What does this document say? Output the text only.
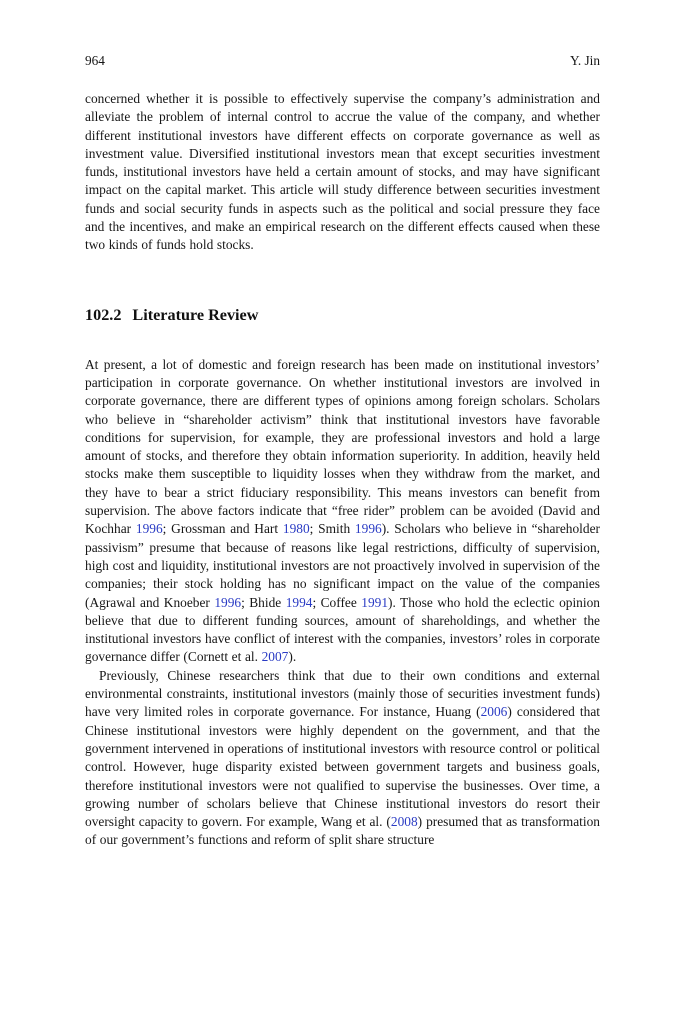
964	Y. Jin

concerned whether it is possible to effectively supervise the company’s administration and alleviate the problem of internal control to accrue the value of the company, and whether different institutional investors have different effects on corporate governance as well as investment value. Diversified institutional investors mean that except securities investment funds, institutional investors have held a certain amount of stocks, and may have significant impact on the capital market. This article will study difference between securities investment funds and social security funds in aspects such as the political and social pressure they face and the incentives, and make an empirical research on the different effects caused when these two kinds of funds hold stocks.

102.2 Literature Review

At present, a lot of domestic and foreign research has been made on institutional investors’ participation in corporate governance. On whether institutional investors are involved in corporate governance, there are different types of opinions among foreign scholars. Scholars who believe in “shareholder activism” think that institutional investors have favorable conditions for supervision, for example, they are professional investors and hold a large amount of stocks, and therefore they obtain information superiority. In addition, heavily held stocks make them susceptible to liquidity losses when they withdraw from the market, and they have to bear a strict fiduciary responsibility. This means investors can benefit from supervision. The above factors indicate that “free rider” problem can be avoided (David and Kochhar 1996; Grossman and Hart 1980; Smith 1996). Scholars who believe in “shareholder passivism” presume that because of reasons like legal restrictions, difficulty of supervision, high cost and liquidity, institutional investors are not proactively involved in supervision of the companies; their stock holding has no significant impact on the value of the companies (Agrawal and Knoeber 1996; Bhide 1994; Coffee 1991). Those who hold the eclectic opinion believe that due to different funding sources, amount of shareholdings, and whether the institutional investors have conflict of interest with the companies, investors’ roles in corporate governance differ (Cornett et al. 2007).

Previously, Chinese researchers think that due to their own conditions and external environmental constraints, institutional investors (mainly those of securities investment funds) have very limited roles in corporate governance. For instance, Huang (2006) considered that Chinese institutional investors were highly dependent on the government, and that the government intervened in operations of institutional investors with resource control or political control. However, huge disparity existed between government targets and business goals, therefore institutional investors were not qualified to supervise the businesses. Over time, a growing number of scholars believe that Chinese institutional investors do resort their oversight capacity to govern. For example, Wang et al. (2008) presumed that as transformation of our government’s functions and reform of split share structure
